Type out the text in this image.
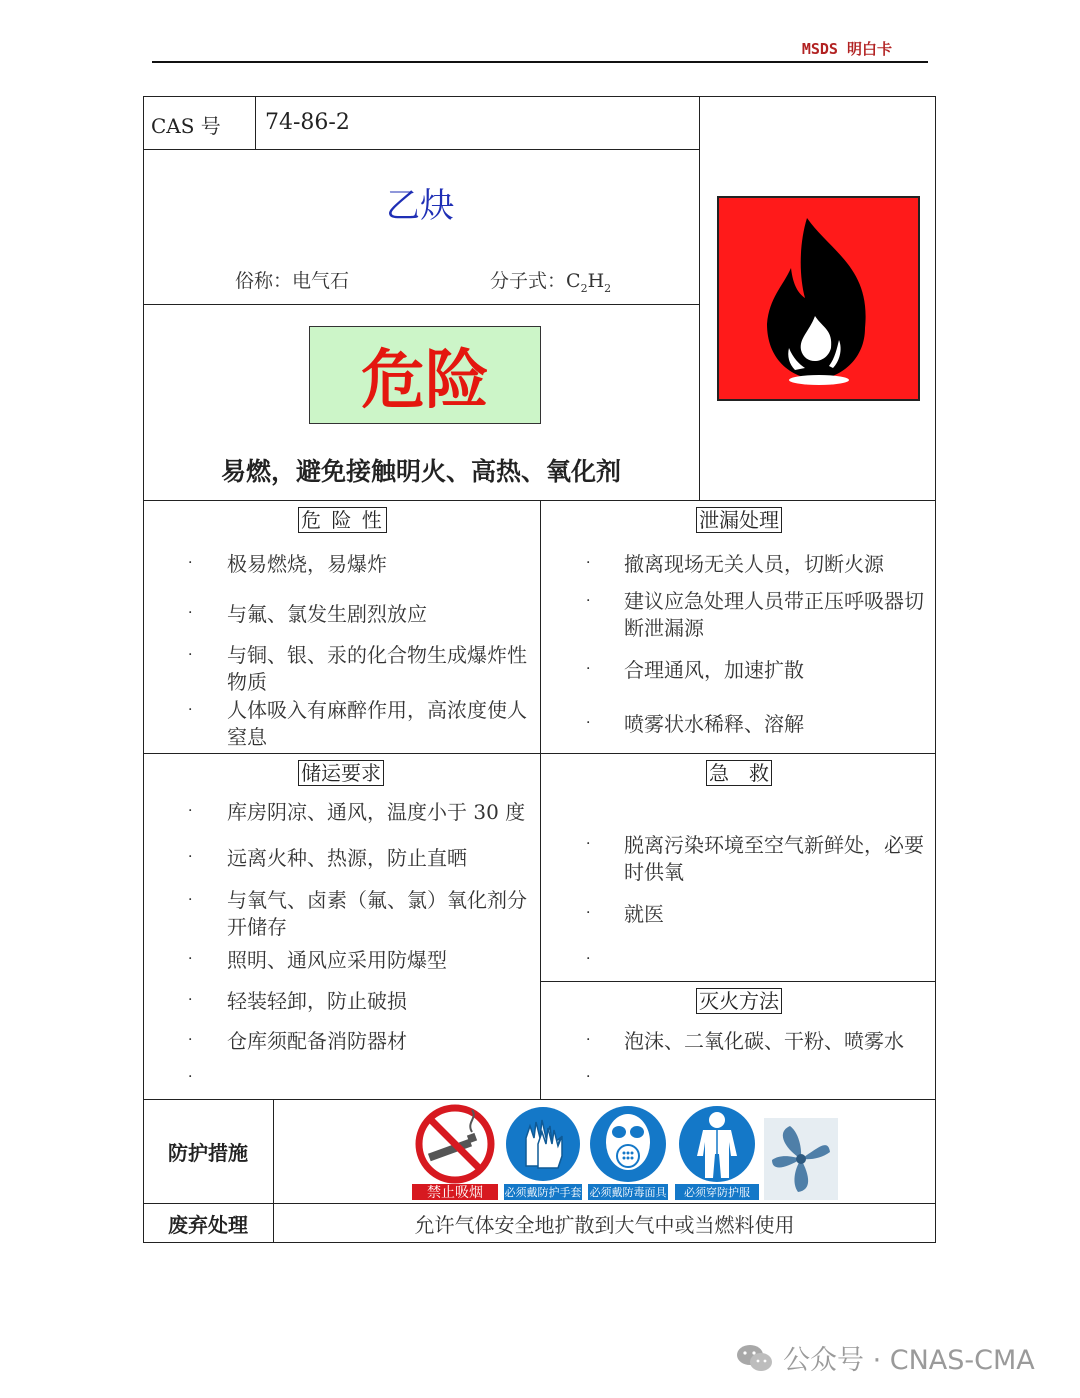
MSDS 明白卡
CAS 号 74-86-2
乙炔
俗称：电气石	分子式：$C_2H_2$
危
险
易燃，避免接触明火、高热、氧化剂
危 险 性
· 极易燃烧，易爆炸
· 与氟、氯发生剧烈放应
· 与铜、银、汞的化合物生成爆炸性物质
· 人体吸入有麻醉作用，高浓度使人窒息
泄漏处理
· 撤离现场无关人员，切断火源
· 建议应急处理人员带正压呼吸器切断泄漏源
· 合理通风，加速扩散
· 喷雾状水稀释、溶解
储运要求
· 库房阴凉、通风，温度小于 30 度
· 远离火种、热源，防止直晒
· 与氧气、卤素（氟、氯）氧化剂分开储存
· 照明、通风应采用防爆型
· 轻装轻卸，防止破损
· 仓库须配备消防器材
·
急　救
· 脱离污染环境至空气新鲜处，必要时供氧
· 就医
·
灭火方法
· 泡沫、二氧化碳、干粉、喷雾水
·
防护措施
禁止吸烟	必须戴防护手套 必须戴防毒面具	必须穿防护服
废弃处理	允许气体安全地扩散到大气中或当燃料使用
公众号 · CNAS-CMA
